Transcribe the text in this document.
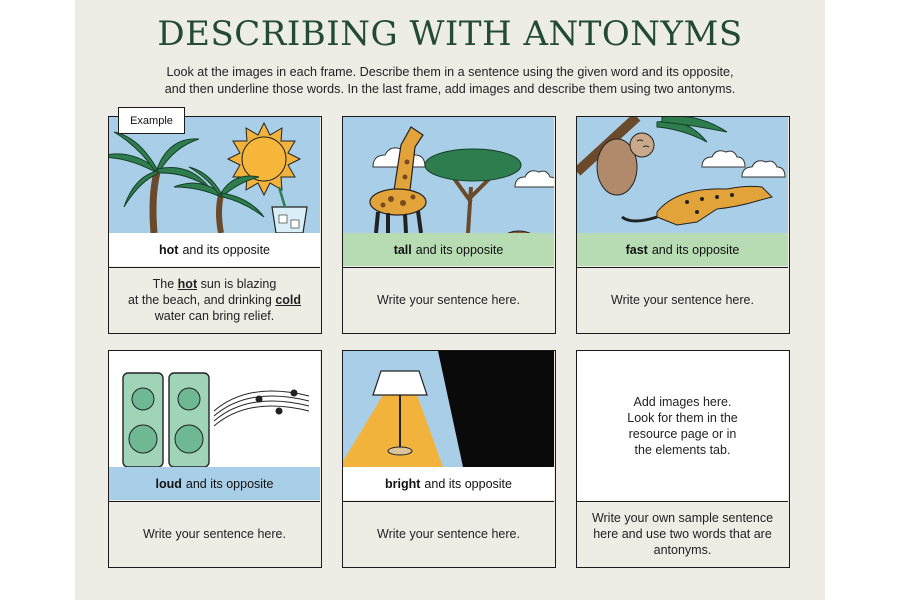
DESCRIBING WITH ANTONYMS
Look at the images in each frame. Describe them in a sentence using the given word and its opposite,
and then underline those words. In the last frame, add images and describe them using two antonyms.
Example
hot and its opposite
The hot sun is blazing
at the beach, and drinking cold
water can bring relief.
tall and its opposite
Write your sentence here.
fast and its opposite
Write your sentence here.
loud and its opposite
Write your sentence here.
bright and its opposite
Write your sentence here.
Add images here.
Look for them in the
resource page or in
the elements tab.
Write your own sample sentence
here and use two words that are
antonyms.
